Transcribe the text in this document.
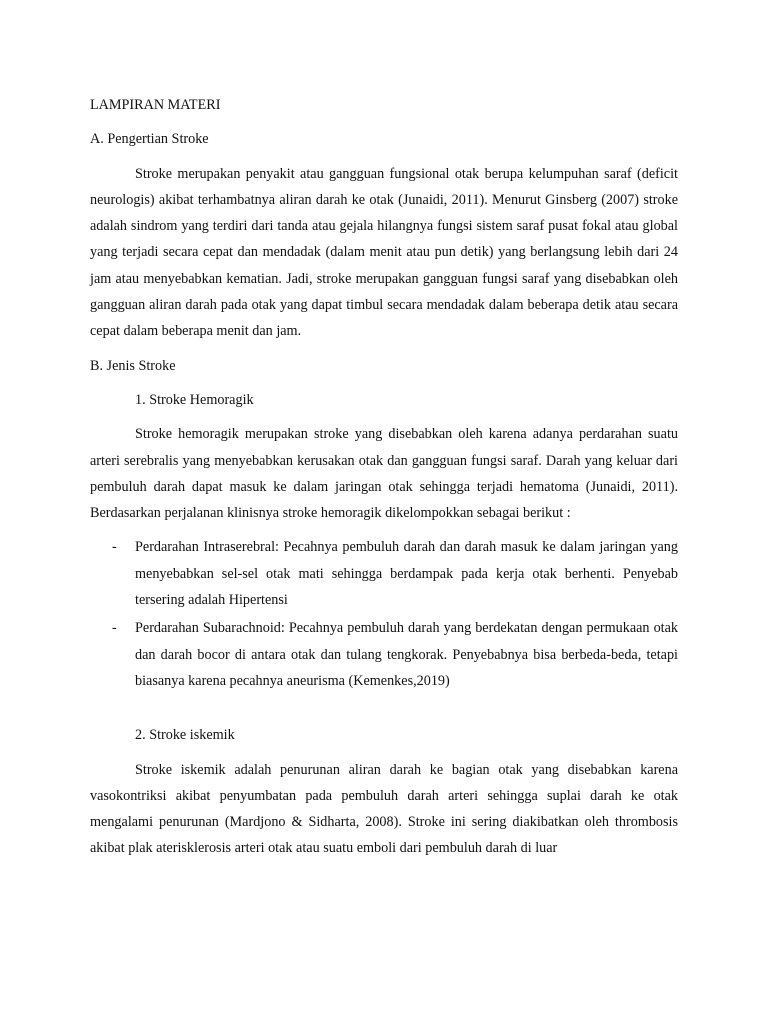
LAMPIRAN MATERI
A. Pengertian Stroke

Stroke merupakan penyakit atau gangguan fungsional otak berupa kelumpuhan saraf (deficit neurologis) akibat terhambatnya aliran darah ke otak (Junaidi, 2011). Menurut Ginsberg (2007) stroke adalah sindrom yang terdiri dari tanda atau gejala hilangnya fungsi sistem saraf pusat fokal atau global yang terjadi secara cepat dan mendadak (dalam menit atau pun detik) yang berlangsung lebih dari 24 jam atau menyebabkan kematian. Jadi, stroke merupakan gangguan fungsi saraf yang disebabkan oleh gangguan aliran darah pada otak yang dapat timbul secara mendadak dalam beberapa detik atau secara cepat dalam beberapa menit dan jam.

B. Jenis Stroke
1. Stroke Hemoragik

Stroke hemoragik merupakan stroke yang disebabkan oleh karena adanya perdarahan suatu arteri serebralis yang menyebabkan kerusakan otak dan gangguan fungsi saraf. Darah yang keluar dari pembuluh darah dapat masuk ke dalam jaringan otak sehingga terjadi hematoma (Junaidi, 2011). Berdasarkan perjalanan klinisnya stroke hemoragik dikelompokkan sebagai berikut :

- Perdarahan Intraserebral: Pecahnya pembuluh darah dan darah masuk ke dalam jaringan yang menyebabkan sel-sel otak mati sehingga berdampak pada kerja otak berhenti. Penyebab tersering adalah Hipertensi
- Perdarahan Subarachnoid: Pecahnya pembuluh darah yang berdekatan dengan permukaan otak dan darah bocor di antara otak dan tulang tengkorak. Penyebabnya bisa berbeda-beda, tetapi biasanya karena pecahnya aneurisma (Kemenkes,2019)
2. Stroke iskemik

Stroke iskemik adalah penurunan aliran darah ke bagian otak yang disebabkan karena vasokontriksi akibat penyumbatan pada pembuluh darah arteri sehingga suplai darah ke otak mengalami penurunan (Mardjono & Sidharta, 2008). Stroke ini sering diakibatkan oleh thrombosis akibat plak aterisklerosis arteri otak atau suatu emboli dari pembuluh darah di luar
